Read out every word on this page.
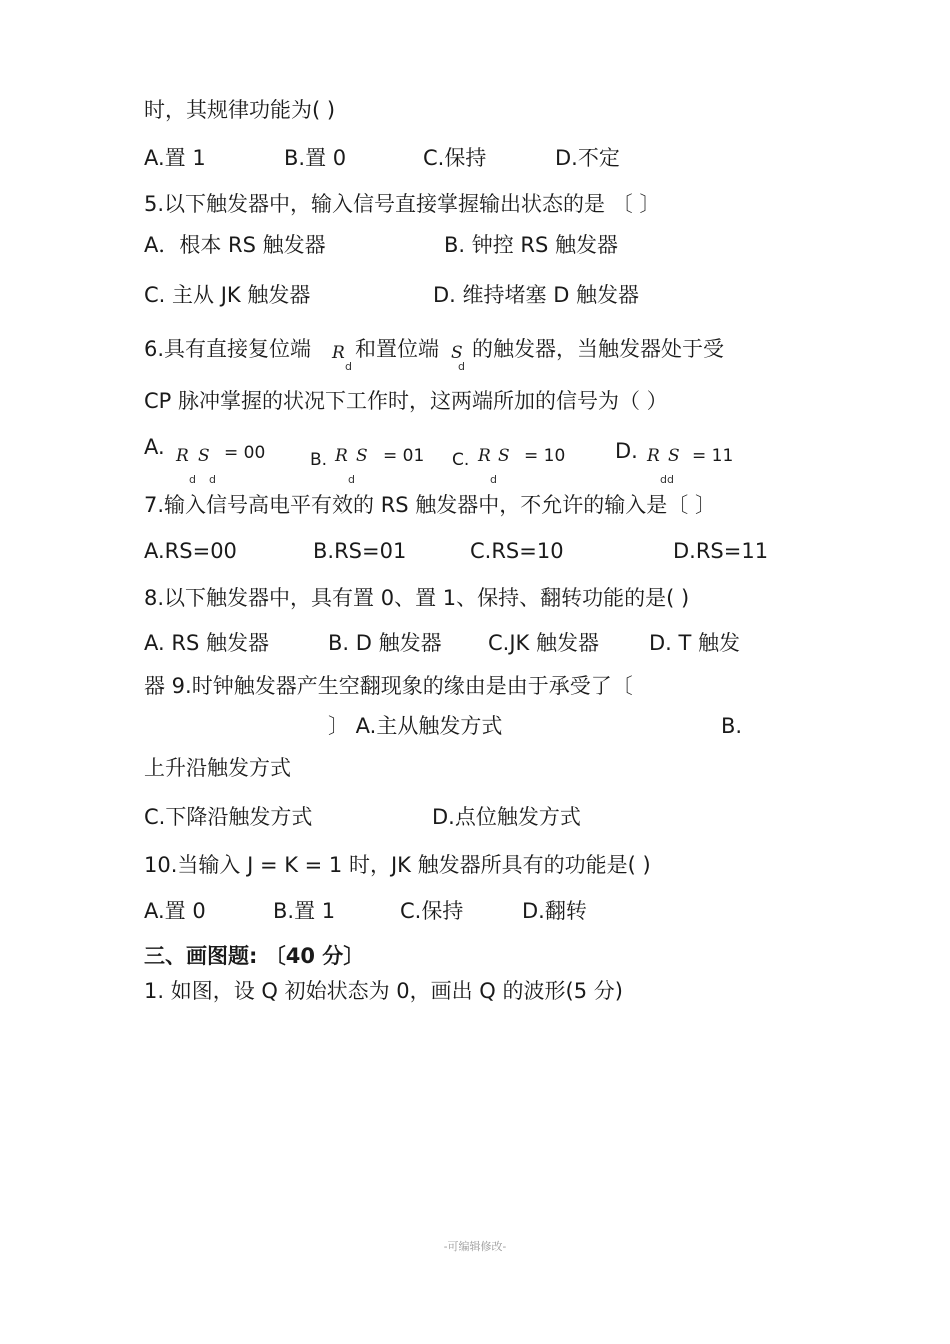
时，其规律功能为( )
A.置 1	B.置 0	C.保持	D.不定
5.以下触发器中，输入信号直接掌握输出状态的是 〔 〕
A．根本 RS 触发器	B. 钟控 RS 触发器
C. 主从 JK 触发器	D. 维持堵塞 D 触发器
6.具有直接复位端 R
d
和置位端 S
d
的触发器，当触发器处于受
CP 脉冲掌握的状况下工作时，这两端所加的信号为（ ）
A. R S = 00
d d
B. R S = 01
d
C. R S = 10
d
D. R S = 11
dd
7.输入信号高电平有效的 RS 触发器中，不允许的输入是〔 〕
A.RS=00	B.RS=01	C.RS=10	D.RS=11
8.以下触发器中，具有置 0、置 1、保持、翻转功能的是( )
A. RS 触发器	B. D 触发器 C.JK 触发器 D. T 触发
器 9.时钟触发器产生空翻现象的缘由是由于承受了〔
〕 A.主从触发方式	B.
上升沿触发方式
C.下降沿触发方式	D.点位触发方式
10.当输入 J = K = 1 时，JK 触发器所具有的功能是( )
A.置 0	B.置 1	C.保持	D.翻转
三、画图题: 〔40 分〕
1. 如图，设 Q 初始状态为 0，画出 Q 的波形(5 分)
-可编辑修改-
